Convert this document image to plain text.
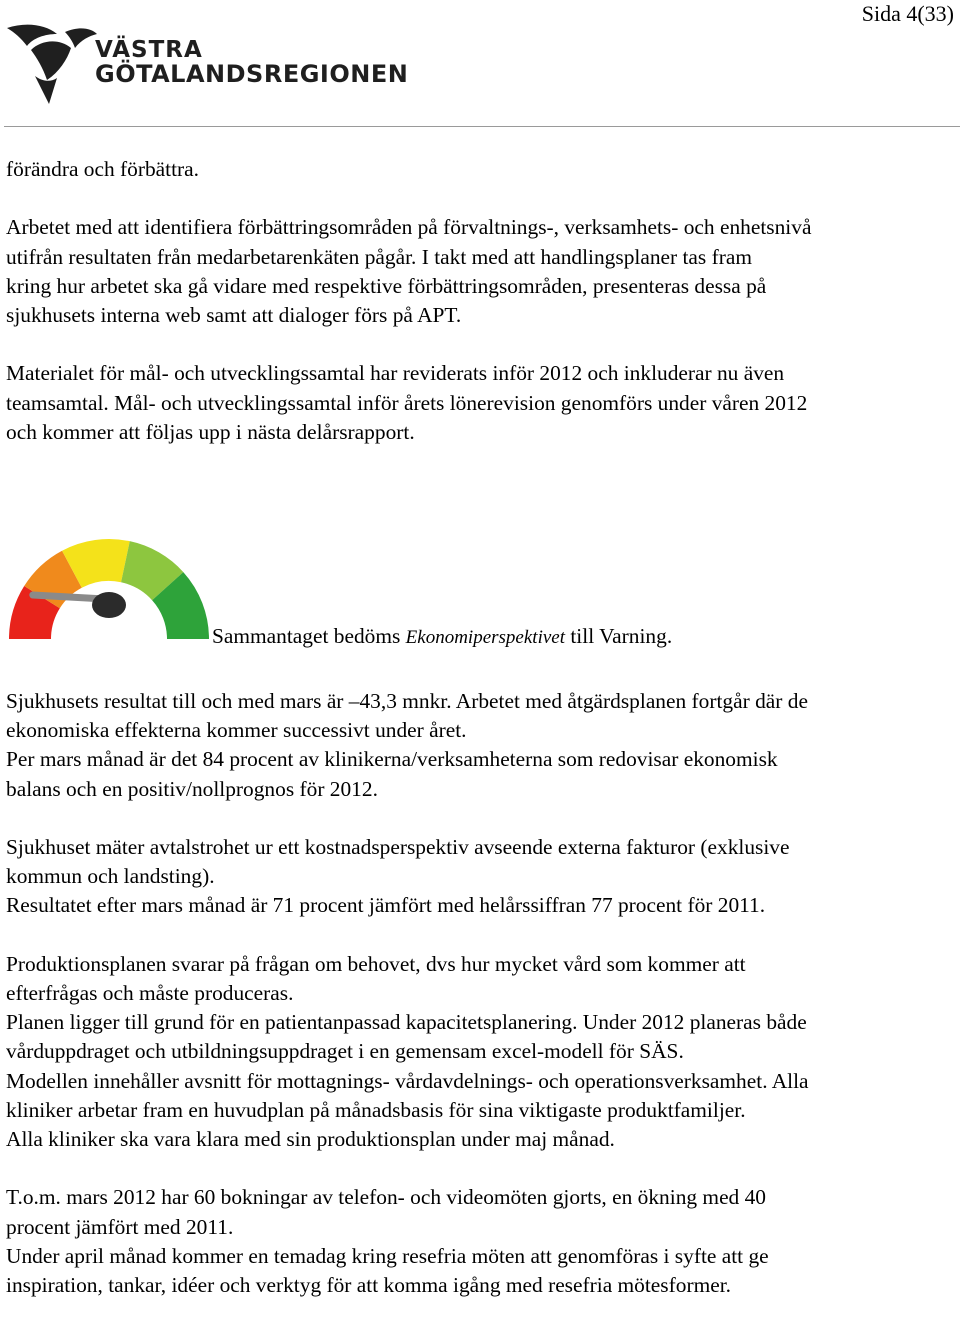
Sida 4(33)
VÄSTRA
GÖTALANDSREGIONEN

förändra och förbättra.

Arbetet med att identifiera förbättringsområden på förvaltnings-, verksamhets- och enhetsnivå

utifrån resultaten från medarbetarenkäten pågår. I takt med att handlingsplaner tas fram

kring hur arbetet ska gå vidare med respektive förbättringsområden, presenteras dessa på

sjukhusets interna web samt att dialoger förs på APT.

Materialet för mål- och utvecklingssamtal har reviderats inför 2012 och inkluderar nu även

teamsamtal. Mål- och utvecklingssamtal inför årets lönerevision genomförs under våren 2012

och kommer att följas upp i nästa delårsrapport.

Sammantaget bedöms Ekonomiperspektivet till Varning.

Sjukhusets resultat till och med mars är –43,3 mnkr. Arbetet med åtgärdsplanen fortgår där de

ekonomiska effekterna kommer successivt under året.

Per mars månad är det 84 procent av klinikerna/verksamheterna som redovisar ekonomisk

balans och en positiv/nollprognos för 2012.

Sjukhuset mäter avtalstrohet ur ett kostnadsperspektiv avseende externa fakturor (exklusive

kommun och landsting).

Resultatet efter mars månad är 71 procent jämfört med helårssiffran 77 procent för 2011.

Produktionsplanen svarar på frågan om behovet, dvs hur mycket vård som kommer att

efterfrågas och måste produceras.

Planen ligger till grund för en patientanpassad kapacitetsplanering. Under 2012 planeras både

vårduppdraget och utbildningsuppdraget i en gemensam excel-modell för SÄS.

Modellen innehåller avsnitt för mottagnings- vårdavdelnings- och operationsverksamhet. Alla

kliniker arbetar fram en huvudplan på månadsbasis för sina viktigaste produktfamiljer.

Alla kliniker ska vara klara med sin produktionsplan under maj månad.

T.o.m. mars 2012 har 60 bokningar av telefon- och videomöten gjorts, en ökning med 40

procent jämfört med 2011.

Under april månad kommer en temadag kring resefria möten att genomföras i syfte att ge

inspiration, tankar, idéer och verktyg för att komma igång med resefria mötesformer.
